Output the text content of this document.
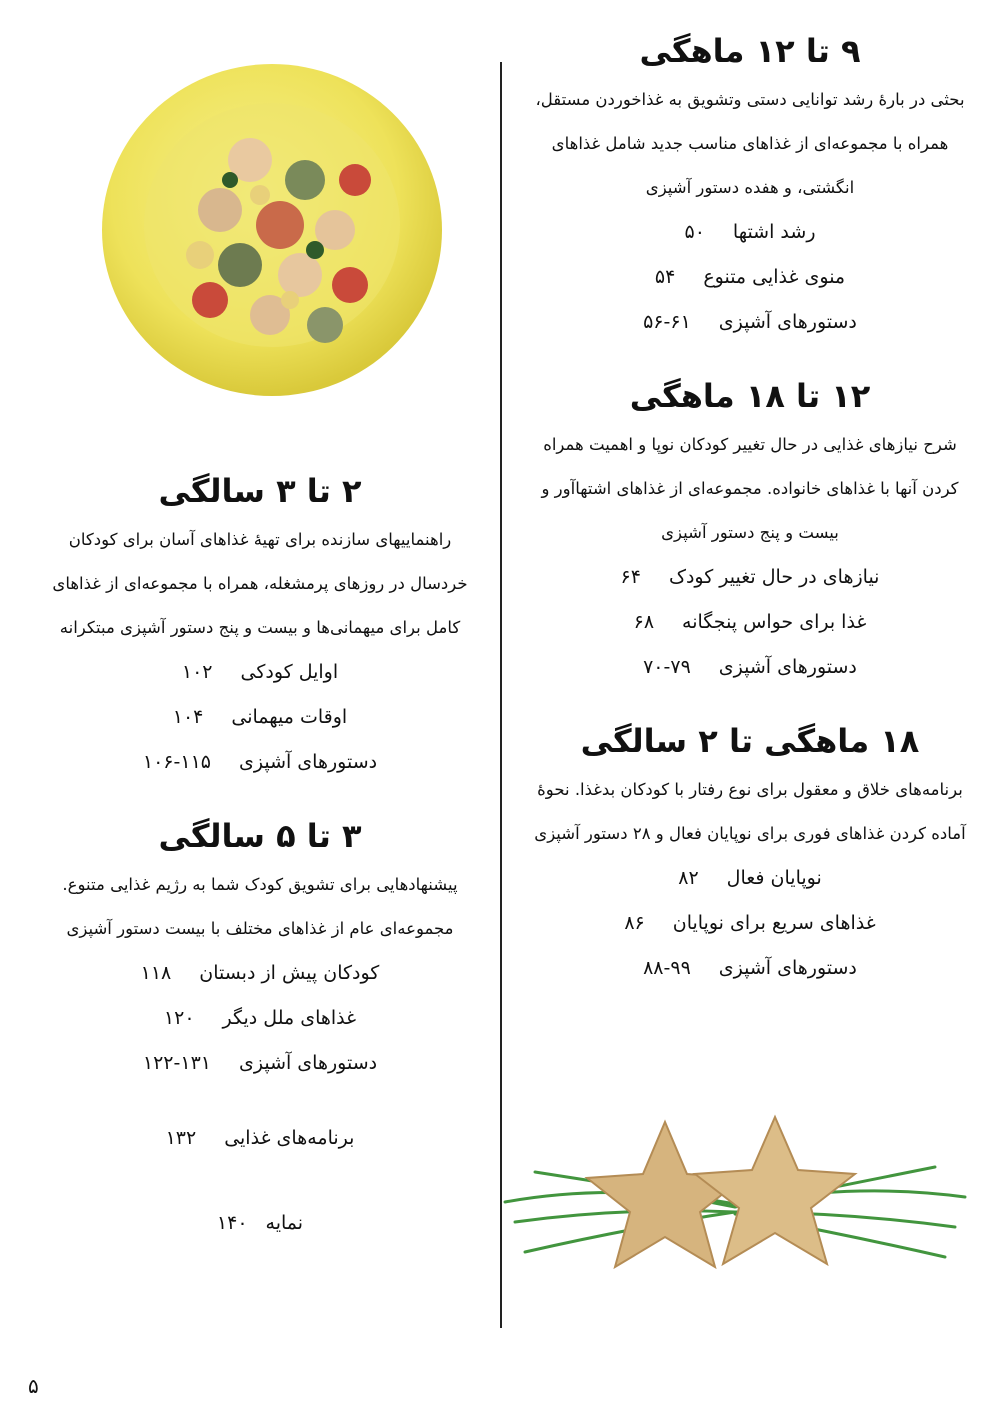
۹ تا ۱۲ ماهگی

بحثی در بارهٔ رشد توانایی دستی وتشویق به غذاخوردن مستقل، همراه با مجموعه‌ای از غذاهای مناسب جدید شامل غذاهای انگشتی، و هفده دستور آشپزی

رشد اشتها۵۰
منوی غذایی متنوع۵۴
دستورهای آشپزی۵۶-۶۱
۱۲ تا ۱۸ ماهگی

شرح نیازهای غذایی در حال تغییر کودکان نوپا و اهمیت همراه کردن آنها با غذاهای خانواده. مجموعه‌ای از غذاهای اشتهاآور و بیست و پنج دستور آشپزی

نیازهای در حال تغییر کودک۶۴
غذا برای حواس پنجگانه۶۸
دستورهای آشپزی۷۰-۷۹
۱۸ ماهگی تا ۲ سالگی

برنامه‌های خلاق و معقول برای نوع رفتار با کودکان بدغذا. نحوهٔ آماده کردن غذاهای فوری برای نوپایان فعال و ۲۸ دستور آشپزی

نوپایان فعال۸۲
غذاهای سریع برای نوپایان۸۶
دستورهای آشپزی۸۸-۹۹
۲ تا ۳ سالگی

راهنماییهای سازنده برای تهیهٔ غذاهای آسان برای کودکان خردسال در روزهای پرمشغله، همراه با مجموعه‌ای از غذاهای کامل برای میهمانی‌ها و بیست و پنج دستور آشپزی مبتکرانه

اوایل کودکی۱۰۲
اوقات میهمانی۱۰۴
دستورهای آشپزی۱۰۶-۱۱۵
۳ تا ۵ سالگی

پیشنهادهایی برای تشویق کودک شما به رژیم غذایی متنوع. مجموعه‌ای عام از غذاهای مختلف با بیست دستور آشپزی

کودکان پیش از دبستان۱۱۸
غذاهای ملل دیگر۱۲۰
دستورهای آشپزی۱۲۲-۱۳۱
برنامه‌های غذایی۱۳۲
نمایه۱۴۰
۵
